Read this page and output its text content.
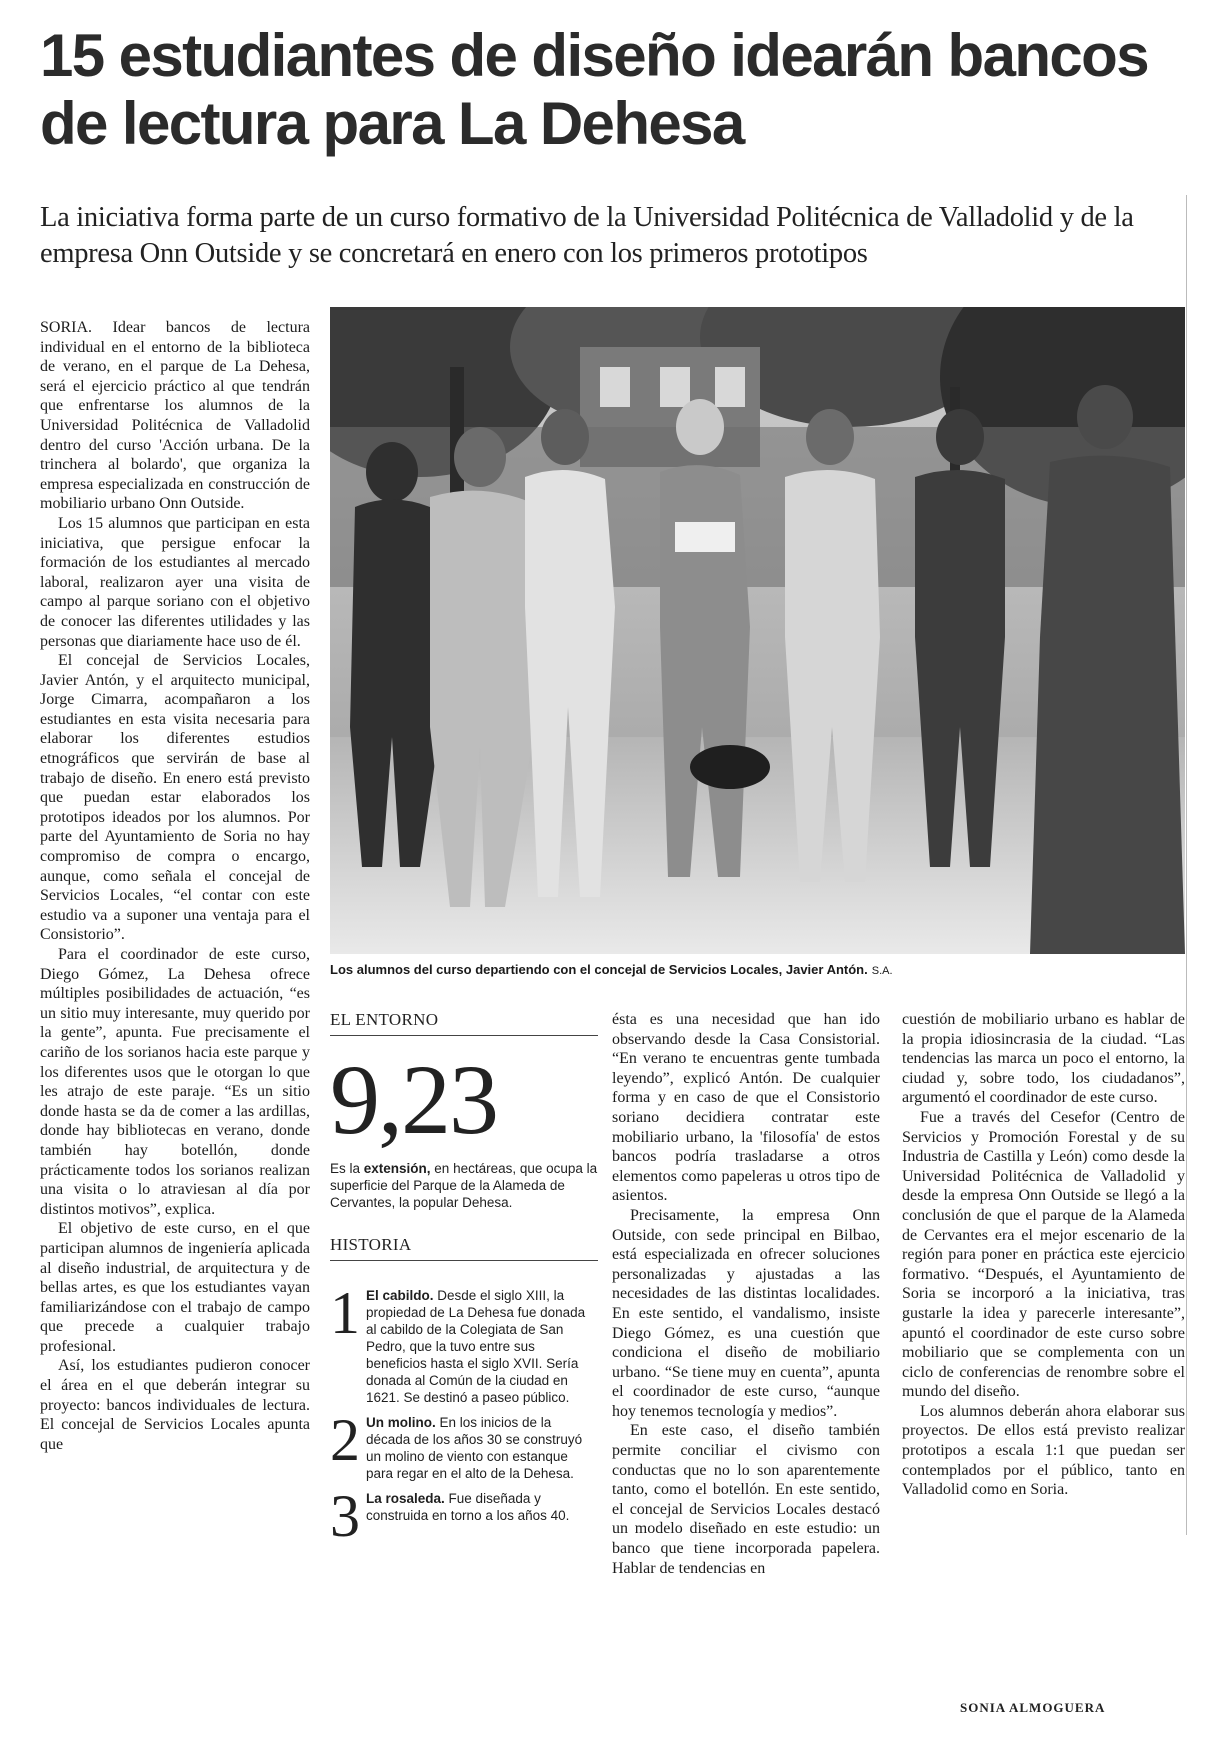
15 estudiantes de diseño idearán bancos de lectura para La Dehesa

La iniciativa forma parte de un curso formativo de la Universidad Politécnica de Valladolid y de la empresa Onn Outside y se concretará en enero con los primeros prototipos

SORIA. Idear bancos de lectura individual en el entorno de la biblioteca de verano, en el parque de La Dehesa, será el ejercicio práctico al que tendrán que enfrentarse los alumnos de la Universidad Politécnica de Valladolid dentro del curso 'Acción urbana. De la trinchera al bolardo', que organiza la empresa especializada en construcción de mobiliario urbano Onn Outside.

Los 15 alumnos que participan en esta iniciativa, que persigue enfocar la formación de los estudiantes al mercado laboral, realizaron ayer una visita de campo al parque soriano con el objetivo de conocer las diferentes utilidades y las personas que diariamente hace uso de él.

El concejal de Servicios Locales, Javier Antón, y el arquitecto municipal, Jorge Cimarra, acompañaron a los estudiantes en esta visita necesaria para elaborar los diferentes estudios etnográficos que servirán de base al trabajo de diseño. En enero está previsto que puedan estar elaborados los prototipos ideados por los alumnos. Por parte del Ayuntamiento de Soria no hay compromiso de compra o encargo, aunque, como señala el concejal de Servicios Locales, “el contar con este estudio va a suponer una ventaja para el Consistorio”.

Para el coordinador de este curso, Diego Gómez, La Dehesa ofrece múltiples posibilidades de actuación, “es un sitio muy interesante, muy querido por la gente”, apunta. Fue precisamente el cariño de los sorianos hacia este parque y los diferentes usos que le otorgan lo que les atrajo de este paraje. “Es un sitio donde hasta se da de comer a las ardillas, donde hay bibliotecas en verano, donde también hay botellón, donde prácticamente todos los sorianos realizan una visita o lo atraviesan al día por distintos motivos”, explica.

El objetivo de este curso, en el que participan alumnos de ingeniería aplicada al diseño industrial, de arquitectura y de bellas artes, es que los estudiantes vayan familiarizándose con el trabajo de campo que precede a cualquier trabajo profesional.

Así, los estudiantes pudieron conocer el área en el que deberán integrar su proyecto: bancos individuales de lectura. El concejal de Servicios Locales apunta que

Los alumnos del curso departiendo con el concejal de Servicios Locales, Javier Antón. S.A.
EL ENTORNO
9,23
Es la extensión, en hectáreas, que ocupa la superficie del Parque de la Alameda de Cervantes, la popular Dehesa.
HISTORIA
1 El cabildo. Desde el siglo XIII, la propiedad de La Dehesa fue donada al cabildo de la Colegiata de San Pedro, que la tuvo entre sus beneficios hasta el siglo XVII. Sería donada al Común de la ciudad en 1621. Se destinó a paseo público.
2 Un molino. En los inicios de la década de los años 30 se construyó un molino de viento con estanque para regar en el alto de la Dehesa.
3 La rosaleda. Fue diseñada y construida en torno a los años 40.

ésta es una necesidad que han ido observando desde la Casa Consistorial. “En verano te encuentras gente tumbada leyendo”, explicó Antón. De cualquier forma y en caso de que el Consistorio soriano decidiera contratar este mobiliario urbano, la 'filosofía' de estos bancos podría trasladarse a otros elementos como papeleras u otros tipo de asientos.

Precisamente, la empresa Onn Outside, con sede principal en Bilbao, está especializada en ofrecer soluciones personalizadas y ajustadas a las necesidades de las distintas localidades. En este sentido, el vandalismo, insiste Diego Gómez, es una cuestión que condiciona el diseño de mobiliario urbano. “Se tiene muy en cuenta”, apunta el coordinador de este curso, “aunque hoy tenemos tecnología y medios”.

En este caso, el diseño también permite conciliar el civismo con conductas que no lo son aparentemente tanto, como el botellón. En este sentido, el concejal de Servicios Locales destacó un modelo diseñado en este estudio: un banco que tiene incorporada papelera. Hablar de tendencias en

cuestión de mobiliario urbano es hablar de la propia idiosincrasia de la ciudad. “Las tendencias las marca un poco el entorno, la ciudad y, sobre todo, los ciudadanos”, argumentó el coordinador de este curso.

Fue a través del Cesefor (Centro de Servicios y Promoción Forestal y de su Industria de Castilla y León) como desde la Universidad Politécnica de Valladolid y desde la empresa Onn Outside se llegó a la conclusión de que el parque de la Alameda de Cervantes era el mejor escenario de la región para poner en práctica este ejercicio formativo. “Después, el Ayuntamiento de Soria se incorporó a la iniciativa, tras gustarle la idea y parecerle interesante”, apuntó el coordinador de este curso sobre mobiliario que se complementa con un ciclo de conferencias de renombre sobre el mundo del diseño.

Los alumnos deberán ahora elaborar sus proyectos. De ellos está previsto realizar prototipos a escala 1:1 que puedan ser contemplados por el público, tanto en Valladolid como en Soria.

SONIA ALMOGUERA
